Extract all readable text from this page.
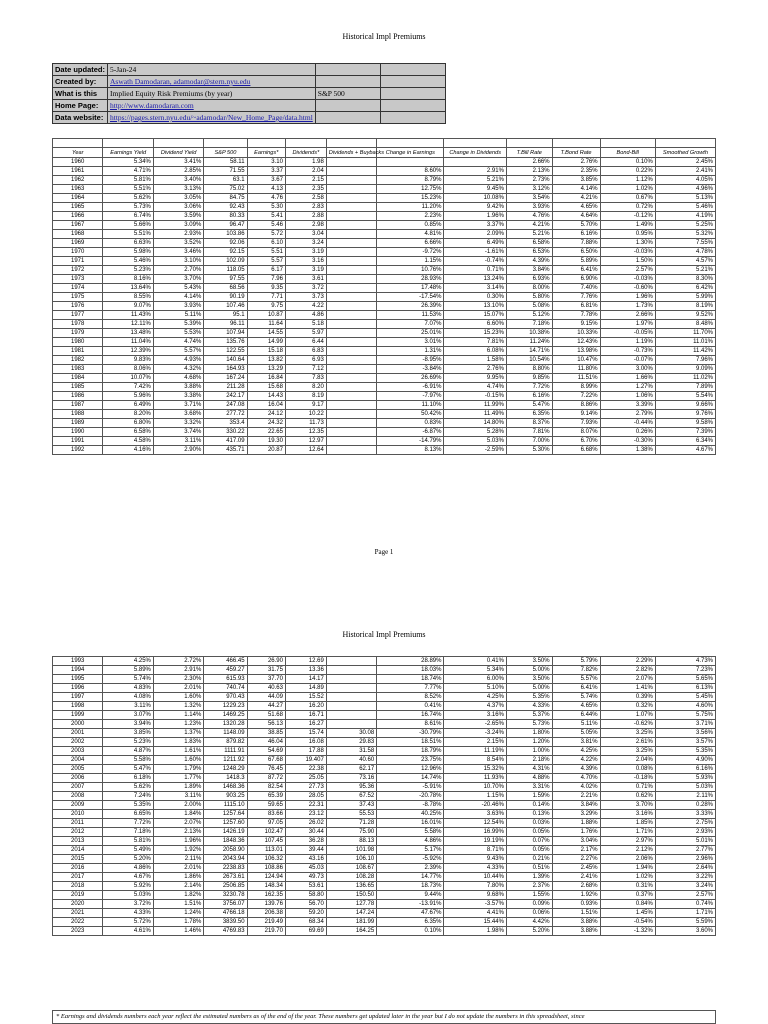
Historical Impl Premiums
Date updated:	5-Jan-24		
Created by:	Aswath Damodaran, adamodar@stern.nyu.edu		
What is this	Implied Equity Risk Premiums (by year)	S&P 500	
Home Page:	http://www.damodaran.com		
Data website:	https://pages.stern.nyu.edu/~adamodar/New_Home_Page/data.html		

Year	Earnings Yield	Dividend Yield	S&P 500	Earnings*	Dividends*	Dividends + Buybacks	Change in Earnings	Change in Dividends	T.Bill Rate	T.Bond Rate	Bond-Bill	Smoothed Growth
1960	5.34%	3.41%	58.11	3.10	1.98				2.66%	2.76%	0.10%	2.45%
1961	4.71%	2.85%	71.55	3.37	2.04		8.60%	2.91%	2.13%	2.35%	0.22%	2.41%
1962	5.81%	3.40%	63.1	3.67	2.15		8.79%	5.21%	2.73%	3.85%	1.12%	4.05%
1963	5.51%	3.13%	75.02	4.13	2.35		12.75%	9.45%	3.12%	4.14%	1.02%	4.96%
1964	5.62%	3.05%	84.75	4.76	2.58		15.23%	10.08%	3.54%	4.21%	0.67%	5.13%
1965	5.73%	3.06%	92.43	5.30	2.83		11.20%	9.42%	3.93%	4.65%	0.72%	5.46%
1966	6.74%	3.59%	80.33	5.41	2.88		2.23%	1.96%	4.76%	4.64%	-0.12%	4.19%
1967	5.66%	3.09%	96.47	5.46	2.98		0.85%	3.37%	4.21%	5.70%	1.49%	5.25%
1968	5.51%	2.93%	103.86	5.72	3.04		4.81%	2.09%	5.21%	6.16%	0.95%	5.32%
1969	6.63%	3.52%	92.06	6.10	3.24		6.66%	6.49%	6.58%	7.88%	1.30%	7.55%
1970	5.98%	3.46%	92.15	5.51	3.19		-9.72%	-1.61%	6.53%	6.50%	-0.03%	4.78%
1971	5.46%	3.10%	102.09	5.57	3.16		1.15%	-0.74%	4.39%	5.89%	1.50%	4.57%
1972	5.23%	2.70%	118.05	6.17	3.19		10.76%	0.71%	3.84%	6.41%	2.57%	5.21%
1973	8.16%	3.70%	97.55	7.96	3.61		28.93%	13.24%	6.93%	6.90%	-0.03%	8.30%
1974	13.64%	5.43%	68.56	9.35	3.72		17.48%	3.14%	8.00%	7.40%	-0.60%	6.42%
1975	8.55%	4.14%	90.19	7.71	3.73		-17.54%	0.30%	5.80%	7.76%	1.96%	5.99%
1976	9.07%	3.93%	107.46	9.75	4.22		26.39%	13.10%	5.08%	6.81%	1.73%	8.19%
1977	11.43%	5.11%	95.1	10.87	4.86		11.53%	15.07%	5.12%	7.78%	2.66%	9.52%
1978	12.11%	5.39%	96.11	11.64	5.18		7.07%	6.60%	7.18%	9.15%	1.97%	8.48%
1979	13.48%	5.53%	107.94	14.55	5.97		25.01%	15.23%	10.38%	10.33%	-0.05%	11.70%
1980	11.04%	4.74%	135.76	14.99	6.44		3.01%	7.81%	11.24%	12.43%	1.19%	11.01%
1981	12.39%	5.57%	122.55	15.18	6.83		1.31%	6.08%	14.71%	13.98%	-0.73%	11.42%
1982	9.83%	4.93%	140.64	13.82	6.93		-8.95%	1.58%	10.54%	10.47%	-0.07%	7.96%
1983	8.06%	4.32%	164.93	13.29	7.12		-3.84%	2.76%	8.80%	11.80%	3.00%	9.09%
1984	10.07%	4.68%	167.24	16.84	7.83		26.69%	9.95%	9.85%	11.51%	1.66%	11.02%
1985	7.42%	3.88%	211.28	15.68	8.20		-6.91%	4.74%	7.72%	8.99%	1.27%	7.89%
1986	5.96%	3.38%	242.17	14.43	8.19		-7.97%	-0.15%	6.16%	7.22%	1.06%	5.54%
1987	6.49%	3.71%	247.08	16.04	9.17		11.10%	11.99%	5.47%	8.86%	3.39%	9.66%
1988	8.20%	3.68%	277.72	24.12	10.22		50.42%	11.49%	6.35%	9.14%	2.79%	9.76%
1989	6.80%	3.32%	353.4	24.32	11.73		0.83%	14.80%	8.37%	7.93%	-0.44%	9.58%
1990	6.58%	3.74%	330.22	22.65	12.35		-6.87%	5.28%	7.81%	8.07%	0.26%	7.39%
1991	4.58%	3.11%	417.09	19.30	12.97		-14.79%	5.03%	7.00%	6.70%	-0.30%	6.34%
1992	4.16%	2.90%	435.71	20.87	12.64		8.13%	-2.59%	5.30%	6.68%	1.38%	4.67%
Page 1
Historical Impl Premiums
1993	4.25%	2.72%	466.45	26.90	12.69		28.89%	0.41%	3.50%	5.79%	2.29%	4.73%
1994	5.89%	2.91%	459.27	31.75	13.36		18.03%	5.34%	5.00%	7.82%	2.82%	7.23%
1995	5.74%	2.30%	615.93	37.70	14.17		18.74%	6.00%	3.50%	5.57%	2.07%	5.65%
1996	4.83%	2.01%	740.74	40.63	14.89		7.77%	5.10%	5.00%	6.41%	1.41%	6.13%
1997	4.08%	1.60%	970.43	44.09	15.52		8.52%	4.25%	5.35%	5.74%	0.39%	5.45%
1998	3.11%	1.32%	1229.23	44.27	16.20		0.41%	4.37%	4.33%	4.65%	0.32%	4.60%
1999	3.07%	1.14%	1469.25	51.68	16.71		16.74%	3.16%	5.37%	6.44%	1.07%	5.75%
2000	3.94%	1.23%	1320.28	56.13	16.27		8.61%	-2.65%	5.73%	5.11%	-0.62%	3.71%
2001	3.85%	1.37%	1148.09	38.85	15.74	30.08	-30.79%	-3.24%	1.80%	5.05%	3.25%	3.56%
2002	5.23%	1.83%	879.82	46.04	16.08	29.83	18.51%	2.15%	1.20%	3.81%	2.61%	3.57%
2003	4.87%	1.61%	1111.91	54.69	17.88	31.58	18.79%	11.19%	1.00%	4.25%	3.25%	5.35%
2004	5.58%	1.60%	1211.92	67.68	19.407	40.60	23.75%	8.54%	2.18%	4.22%	2.04%	4.90%
2005	5.47%	1.79%	1248.29	76.45	22.38	62.17	12.96%	15.32%	4.31%	4.39%	0.08%	6.16%
2006	6.18%	1.77%	1418.3	87.72	25.05	73.16	14.74%	11.93%	4.88%	4.70%	-0.18%	5.93%
2007	5.62%	1.89%	1468.36	82.54	27.73	95.36	-5.91%	10.70%	3.31%	4.02%	0.71%	5.03%
2008	7.24%	3.11%	903.25	65.39	28.05	67.52	-20.78%	1.15%	1.59%	2.21%	0.62%	2.11%
2009	5.35%	2.00%	1115.10	59.65	22.31	37.43	-8.78%	-20.46%	0.14%	3.84%	3.70%	0.28%
2010	6.65%	1.84%	1257.64	83.66	23.12	55.53	40.25%	3.63%	0.13%	3.29%	3.16%	3.33%
2011	7.72%	2.07%	1257.60	97.05	26.02	71.28	16.01%	12.54%	0.03%	1.88%	1.85%	2.75%
2012	7.18%	2.13%	1426.19	102.47	30.44	75.90	5.58%	16.99%	0.05%	1.76%	1.71%	2.93%
2013	5.81%	1.96%	1848.36	107.45	36.28	88.13	4.86%	19.19%	0.07%	3.04%	2.97%	5.01%
2014	5.49%	1.92%	2058.90	113.01	39.44	101.98	5.17%	8.71%	0.05%	2.17%	2.12%	2.77%
2015	5.20%	2.11%	2043.94	106.32	43.16	106.10	-5.92%	9.43%	0.21%	2.27%	2.06%	2.96%
2016	4.86%	2.01%	2238.83	108.86	45.03	108.67	2.39%	4.33%	0.51%	2.45%	1.94%	2.64%
2017	4.67%	1.86%	2673.61	124.94	49.73	108.28	14.77%	10.44%	1.39%	2.41%	1.02%	3.22%
2018	5.92%	2.14%	2506.85	148.34	53.61	136.65	18.73%	7.80%	2.37%	2.68%	0.31%	3.24%
2019	5.03%	1.82%	3230.78	162.35	58.80	150.50	9.44%	9.68%	1.55%	1.92%	0.37%	2.57%
2020	3.72%	1.51%	3756.07	139.76	56.70	127.78	-13.91%	-3.57%	0.09%	0.93%	0.84%	0.74%
2021	4.33%	1.24%	4766.18	206.38	59.20	147.24	47.67%	4.41%	0.06%	1.51%	1.45%	1.71%
2022	5.72%	1.78%	3839.50	219.49	68.34	181.99	6.35%	15.44%	4.42%	3.88%	-0.54%	5.59%
2023	4.61%	1.46%	4769.83	219.70	69.69	164.25	0.10%	1.98%	5.20%	3.88%	-1.32%	3.60%
* Earnings and dividends numbers each year reflect the estimated numbers as of the end of the year. These numbers get updated later in the year but I do not update the numbers in this spreadsheet, since
